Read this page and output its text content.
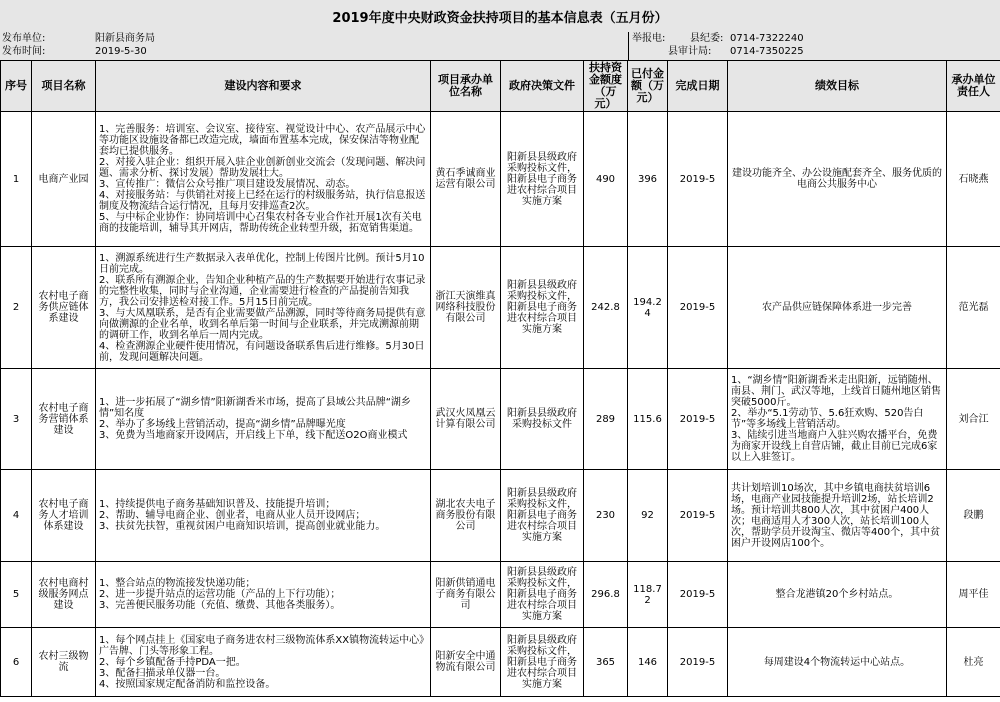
2019年度中央财政资金扶持项目的基本信息表（五月份）
发布单位:	阳新县商务局
发布时间:	2019-5-30
举报电: 县纪委: 0714-7322240
县审计局: 0714-7350225
序号	项目名称	建设内容和要求	项目承办单位名称	政府决策文件	扶持资金额度（万元）	已付金额（万元）	完成日期	绩效目标	承办单位责任人
1	电商产业园	1、完善服务：培训室、会议室、接待室、视觉设计中心、农产品展示中心等功能区设施设备都已改造完成，墙面布置基本完成，保安保洁等物业配套均已提供服务。
2、对接入驻企业：组织开展入驻企业创新创业交流会（发现问题、解决问题、需求分析、探讨发展）帮助发展壮大。
3、宣传推广：微信公众号推广项目建设发展情况、动态。
4、对接服务站：与供销社对接上已经在运行的村级服务站，执行信息报送制度及物流结合运行情况，且每月安排巡查2次。
5、与中标企业协作：协同培训中心召集农村各专业合作社开展1次有关电商的技能培训，辅导其开网店，帮助传统企业转型升级，拓宽销售渠道。	黄石季诚商业运营有限公司	阳新县县级政府采购投标文件，阳新县电子商务进农村综合项目实施方案	490	396	2019-5	建设功能齐全、办公设施配套齐全、服务优质的电商公共服务中心	石晓燕
2	农村电子商务供应链体系建设	1、溯源系统进行生产数据录入表单优化，控制上传图片比例。预计5月10日前完成。
2、联系所有溯源企业，告知企业种植产品的生产数据要开始进行农事记录的完整性收集，同时与企业沟通，企业需要进行检查的产品提前告知我方，我公司安排送检对接工作。5月15日前完成。
3、与大凤凰联系，是否有企业需要做产品溯源，同时等待商务局提供有意向做溯源的企业名单，收到名单后第一时间与企业联系，并完成溯源前期的调研工作，收到名单后一周内完成。
4、检查溯源企业硬件使用情况，有问题设备联系售后进行维修。5月30日前，发现问题解决问题。	浙江天演维真网络科技股份有限公司	阳新县县级政府采购投标文件，阳新县电子商务进农村综合项目实施方案	242.8	194.24	2019-5	农产品供应链保障体系进一步完善	范光磊
3	农村电子商务营销体系建设	1、进一步拓展了“湖乡情”阳新湖香米市场，提高了县域公共品牌“湖乡情”知名度
2、举办了多场线上营销活动，提高“湖乡情”品牌曝光度
3、免费为当地商家开设网店，开启线上下单，线下配送O2O商业模式	武汉火凤凰云计算有限公司	阳新县县级政府采购投标文件	289	115.6	2019-5	1、“湖乡情”阳新湖香米走出阳新，远销随州、南县、荆门、武汉等地，上线首日随州地区销售突破5000斤。
2、举办“5.1劳动节、5.6狂欢购、520告白节”等多场线上营销活动。
3、陆续引进当地商户入驻兴购农播平台，免费为商家开设线上自营店铺，截止目前已完成6家以上入驻签订。	刘合江
4	农村电子商务人才培训体系建设	1、持续提供电子商务基础知识普及、技能提升培训；
2、帮助、辅导电商企业、创业者，电商从业人员开设网店；
3、扶贫先扶智，重视贫困户电商知识培训，提高创业就业能力。	湖北农夫电子商务股份有限公司	阳新县县级政府采购投标文件，阳新县电子商务进农村综合项目实施方案	230	92	2019-5	共计划培训10场次，其中乡镇电商扶贫培训6场，电商产业园技能提升培训2场，站长培训2场。预计培训共800人次，其中贫困户400人次；电商适用人才300人次，站长培训100人次，帮助学员开设淘宝、微店等400个，其中贫困户开设网店100个。	段鹏
5	农村电商村级服务网点建设	1、整合站点的物流接发快递功能；
2、进一步提升站点的运营功能（产品的上下行功能）；
3、完善便民服务功能（充值、缴费、其他各类服务）。	阳新供销通电子商务有限公司	阳新县县级政府采购投标文件，阳新县电子商务进农村综合项目实施方案	296.8	118.72	2019-5	整合龙港镇20个乡村站点。	周平佳
6	农村三级物流	1、每个网点挂上《国家电子商务进农村三级物流体系XX镇物流转运中心》广告牌、门头等形象工程。
2、每个乡镇配备手持PDA一把。
3、配备扫描录单仪器一台。
4、按照国家规定配备消防和监控设备。	阳新安全中通物流有限公司	阳新县县级政府采购投标文件，阳新县电子商务进农村综合项目实施方案	365	146	2019-5	每周建设4个物流转运中心站点。	杜亮
